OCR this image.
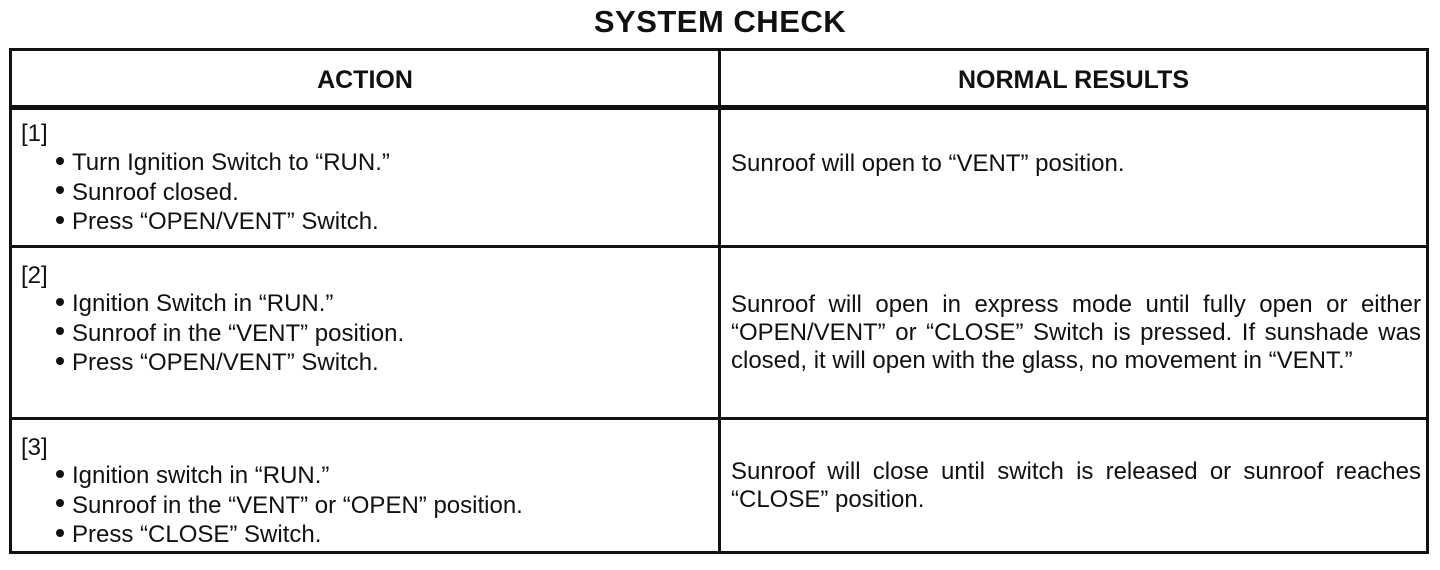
SYSTEM CHECK
ACTION	NORMAL RESULTS
[1]
Turn Ignition Switch to “RUN.”
Sunroof closed.
Press “OPEN/VENT” Switch.

Sunroof will open to “VENT” position.

[2]
Ignition Switch in “RUN.”
Sunroof in the “VENT” position.
Press “OPEN/VENT” Switch.

Sunroof will open in express mode until fully open or either “OPEN/VENT” or “CLOSE” Switch is pressed. If sunshade was closed, it will open with the glass, no movement in “VENT.”

[3]
Ignition switch in “RUN.”
Sunroof in the “VENT” or “OPEN” position.
Press “CLOSE” Switch.

Sunroof will close until switch is released or sunroof reaches “CLOSE” position.
